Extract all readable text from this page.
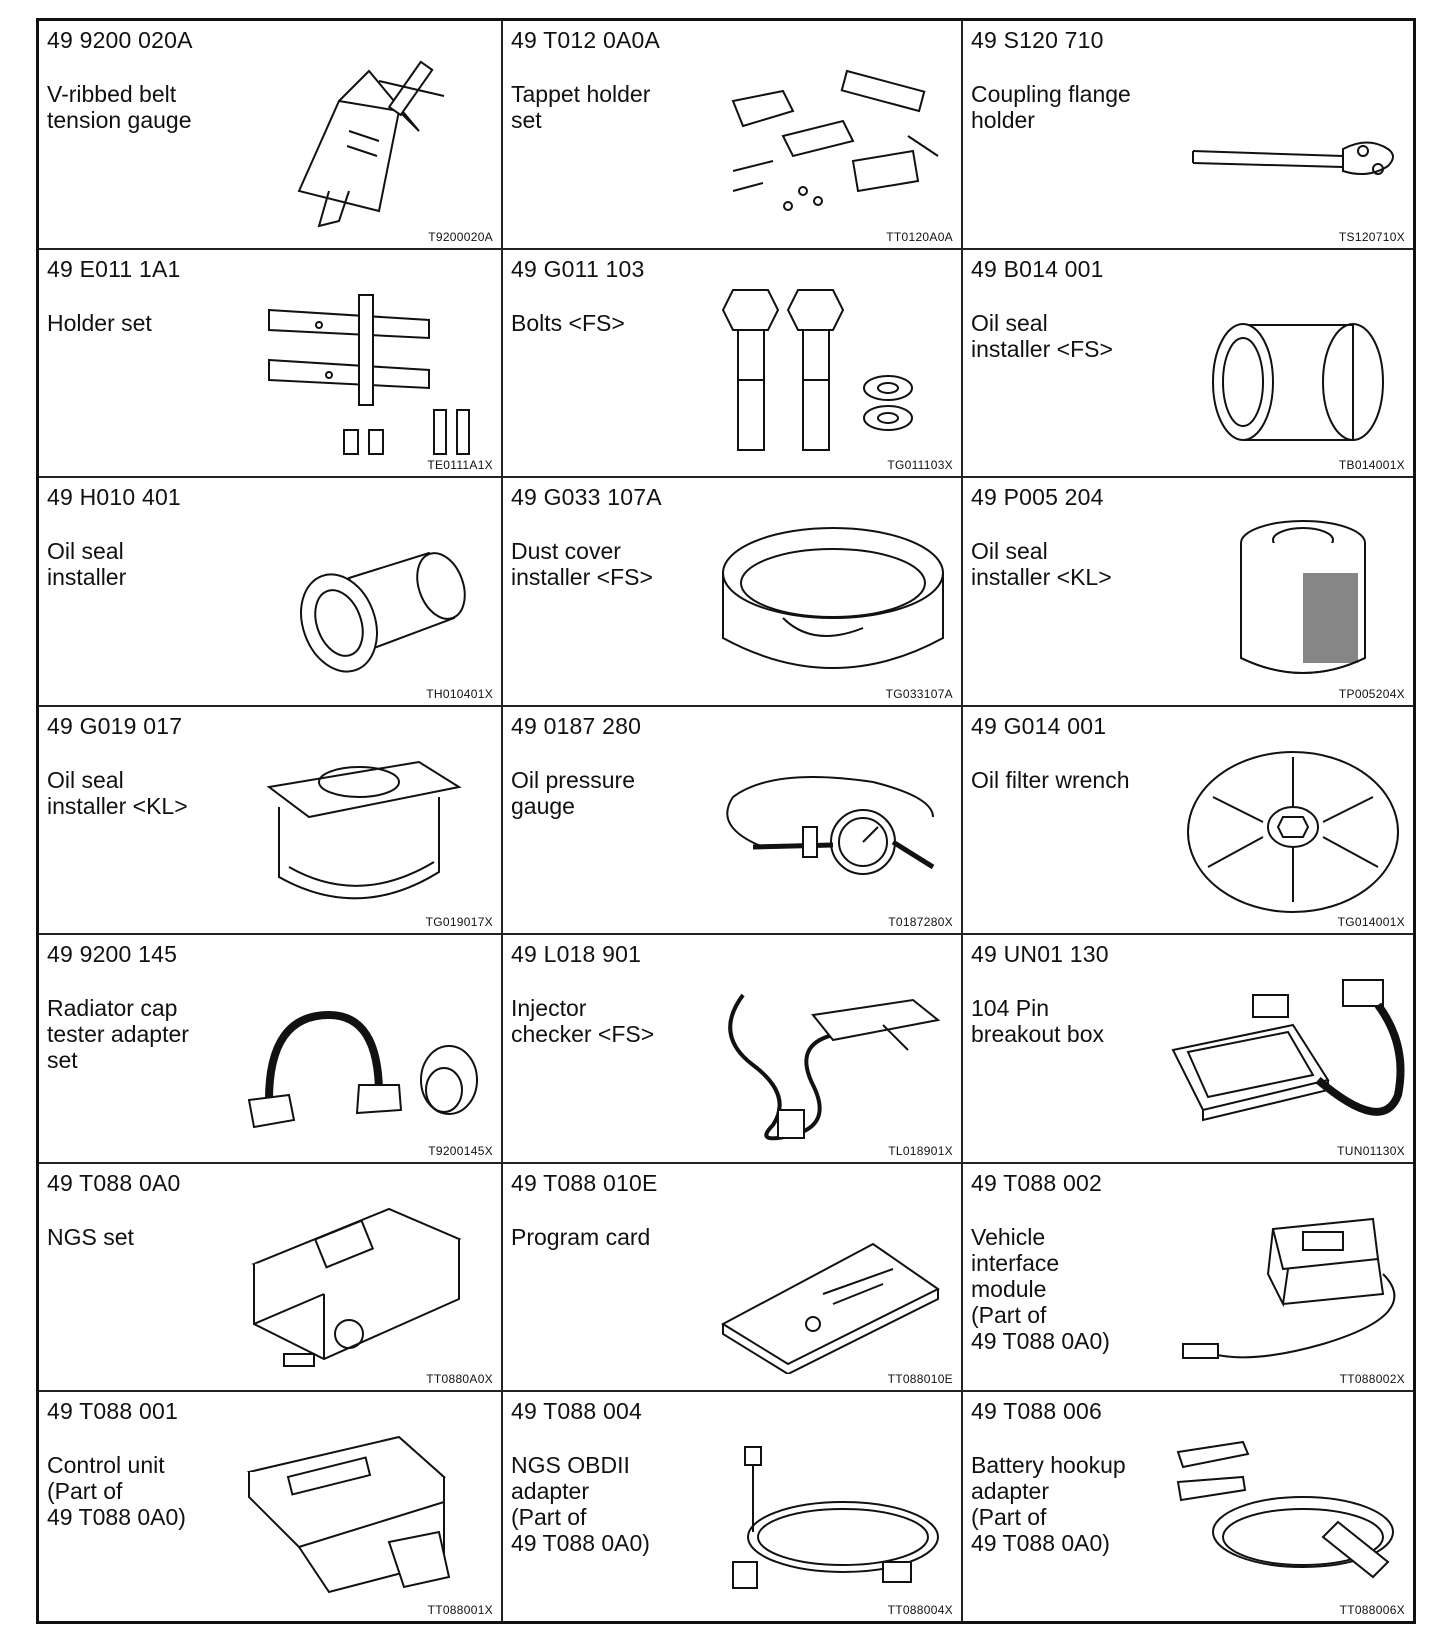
49 9200 020A
V-ribbed belt
tension gauge
T9200020A
49 T012 0A0A
Tappet holder
set
TT0120A0A
49 S120 710
Coupling flange
holder
TS120710X
49 E011 1A1
Holder set
TE0111A1X
49 G011 103
Bolts <FS>
TG011103X
49 B014 001
Oil seal
installer <FS>
TB014001X
49 H010 401
Oil seal
installer
TH010401X
49 G033 107A
Dust cover
installer <FS>
TG033107A
49 P005 204
Oil seal
installer <KL>
TP005204X
49 G019 017
Oil seal
installer <KL>
TG019017X
49 0187 280
Oil pressure
gauge
T0187280X
49 G014 001
Oil filter wrench
TG014001X
49 9200 145
Radiator cap
tester adapter
set
T9200145X
49 L018 901
Injector
checker <FS>
TL018901X
49 UN01 130
104 Pin
breakout box
TUN01130X
49 T088 0A0
NGS set
TT0880A0X
49 T088 010E
Program card
TT088010E
49 T088 002
Vehicle
interface
module
(Part of
49 T088 0A0)
TT088002X
49 T088 001
Control unit
(Part of
49 T088 0A0)
TT088001X
49 T088 004
NGS OBDII
adapter
(Part of
49 T088 0A0)
TT088004X
49 T088 006
Battery hookup
adapter
(Part of
49 T088 0A0)
TT088006X
